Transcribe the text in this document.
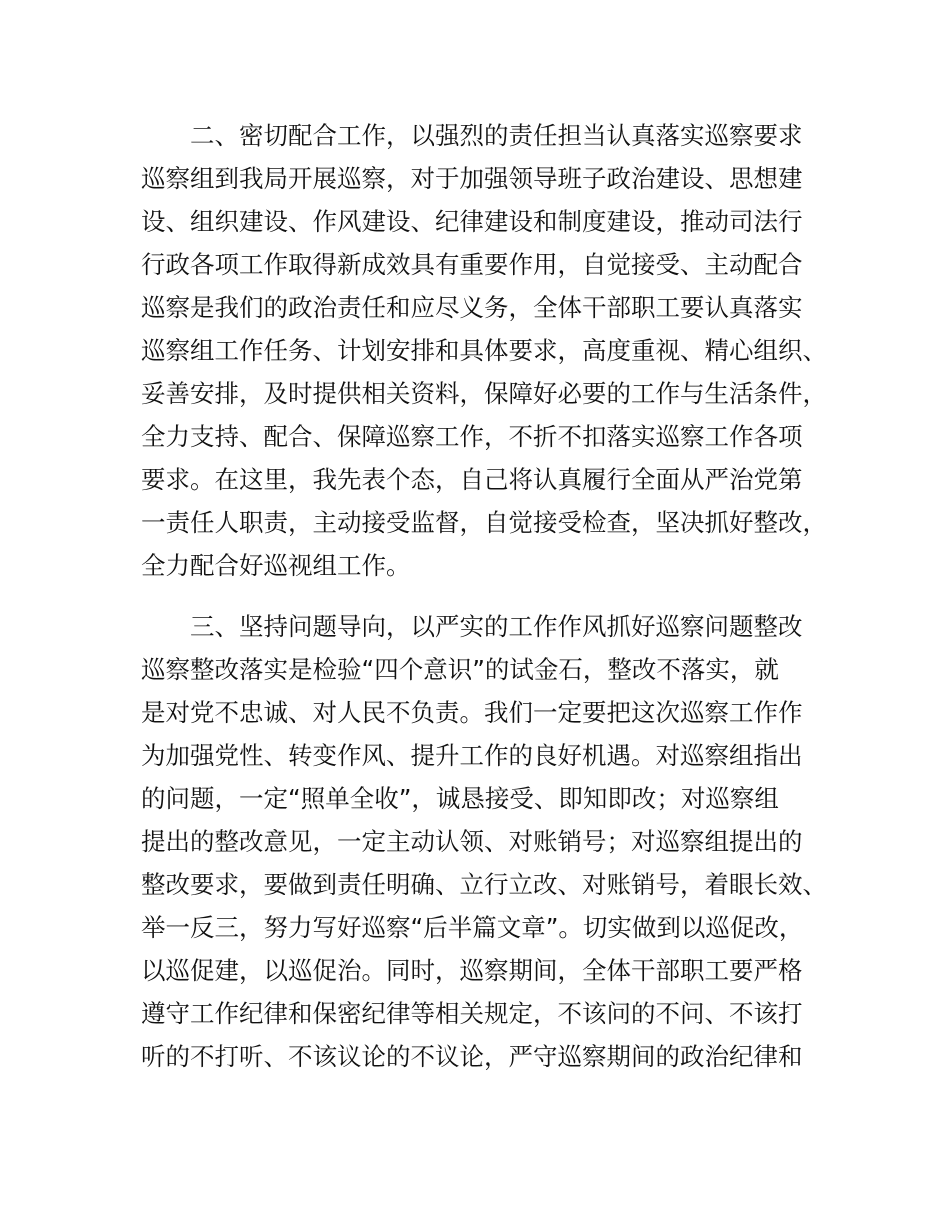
二、密切配合工作，以强烈的责任担当认真落实巡察要求
巡察组到我局开展巡察，对于加强领导班子政治建设、思想建
设、组织建设、作风建设、纪律建设和制度建设，推动司法行
行政各项工作取得新成效具有重要作用，自觉接受、主动配合
巡察是我们的政治责任和应尽义务，全体干部职工要认真落实
巡察组工作任务、计划安排和具体要求，高度重视、精心组织、
妥善安排，及时提供相关资料，保障好必要的工作与生活条件，
全力支持、配合、保障巡察工作，不折不扣落实巡察工作各项
要求。在这里，我先表个态，自己将认真履行全面从严治党第
一责任人职责，主动接受监督，自觉接受检查，坚决抓好整改，
全力配合好巡视组工作。
三、坚持问题导向，以严实的工作作风抓好巡察问题整改
巡察整改落实是检验“四个意识”的试金石，整改不落实，就
是对党不忠诚、对人民不负责。我们一定要把这次巡察工作作
为加强党性、转变作风、提升工作的良好机遇。对巡察组指出
的问题，一定“照单全收”，诚恳接受、即知即改；对巡察组
提出的整改意见，一定主动认领、对账销号；对巡察组提出的
整改要求，要做到责任明确、立行立改、对账销号，着眼长效、
举一反三，努力写好巡察“后半篇文章”。切实做到以巡促改，
以巡促建，以巡促治。同时，巡察期间，全体干部职工要严格
遵守工作纪律和保密纪律等相关规定，不该问的不问、不该打
听的不打听、不该议论的不议论，严守巡察期间的政治纪律和
